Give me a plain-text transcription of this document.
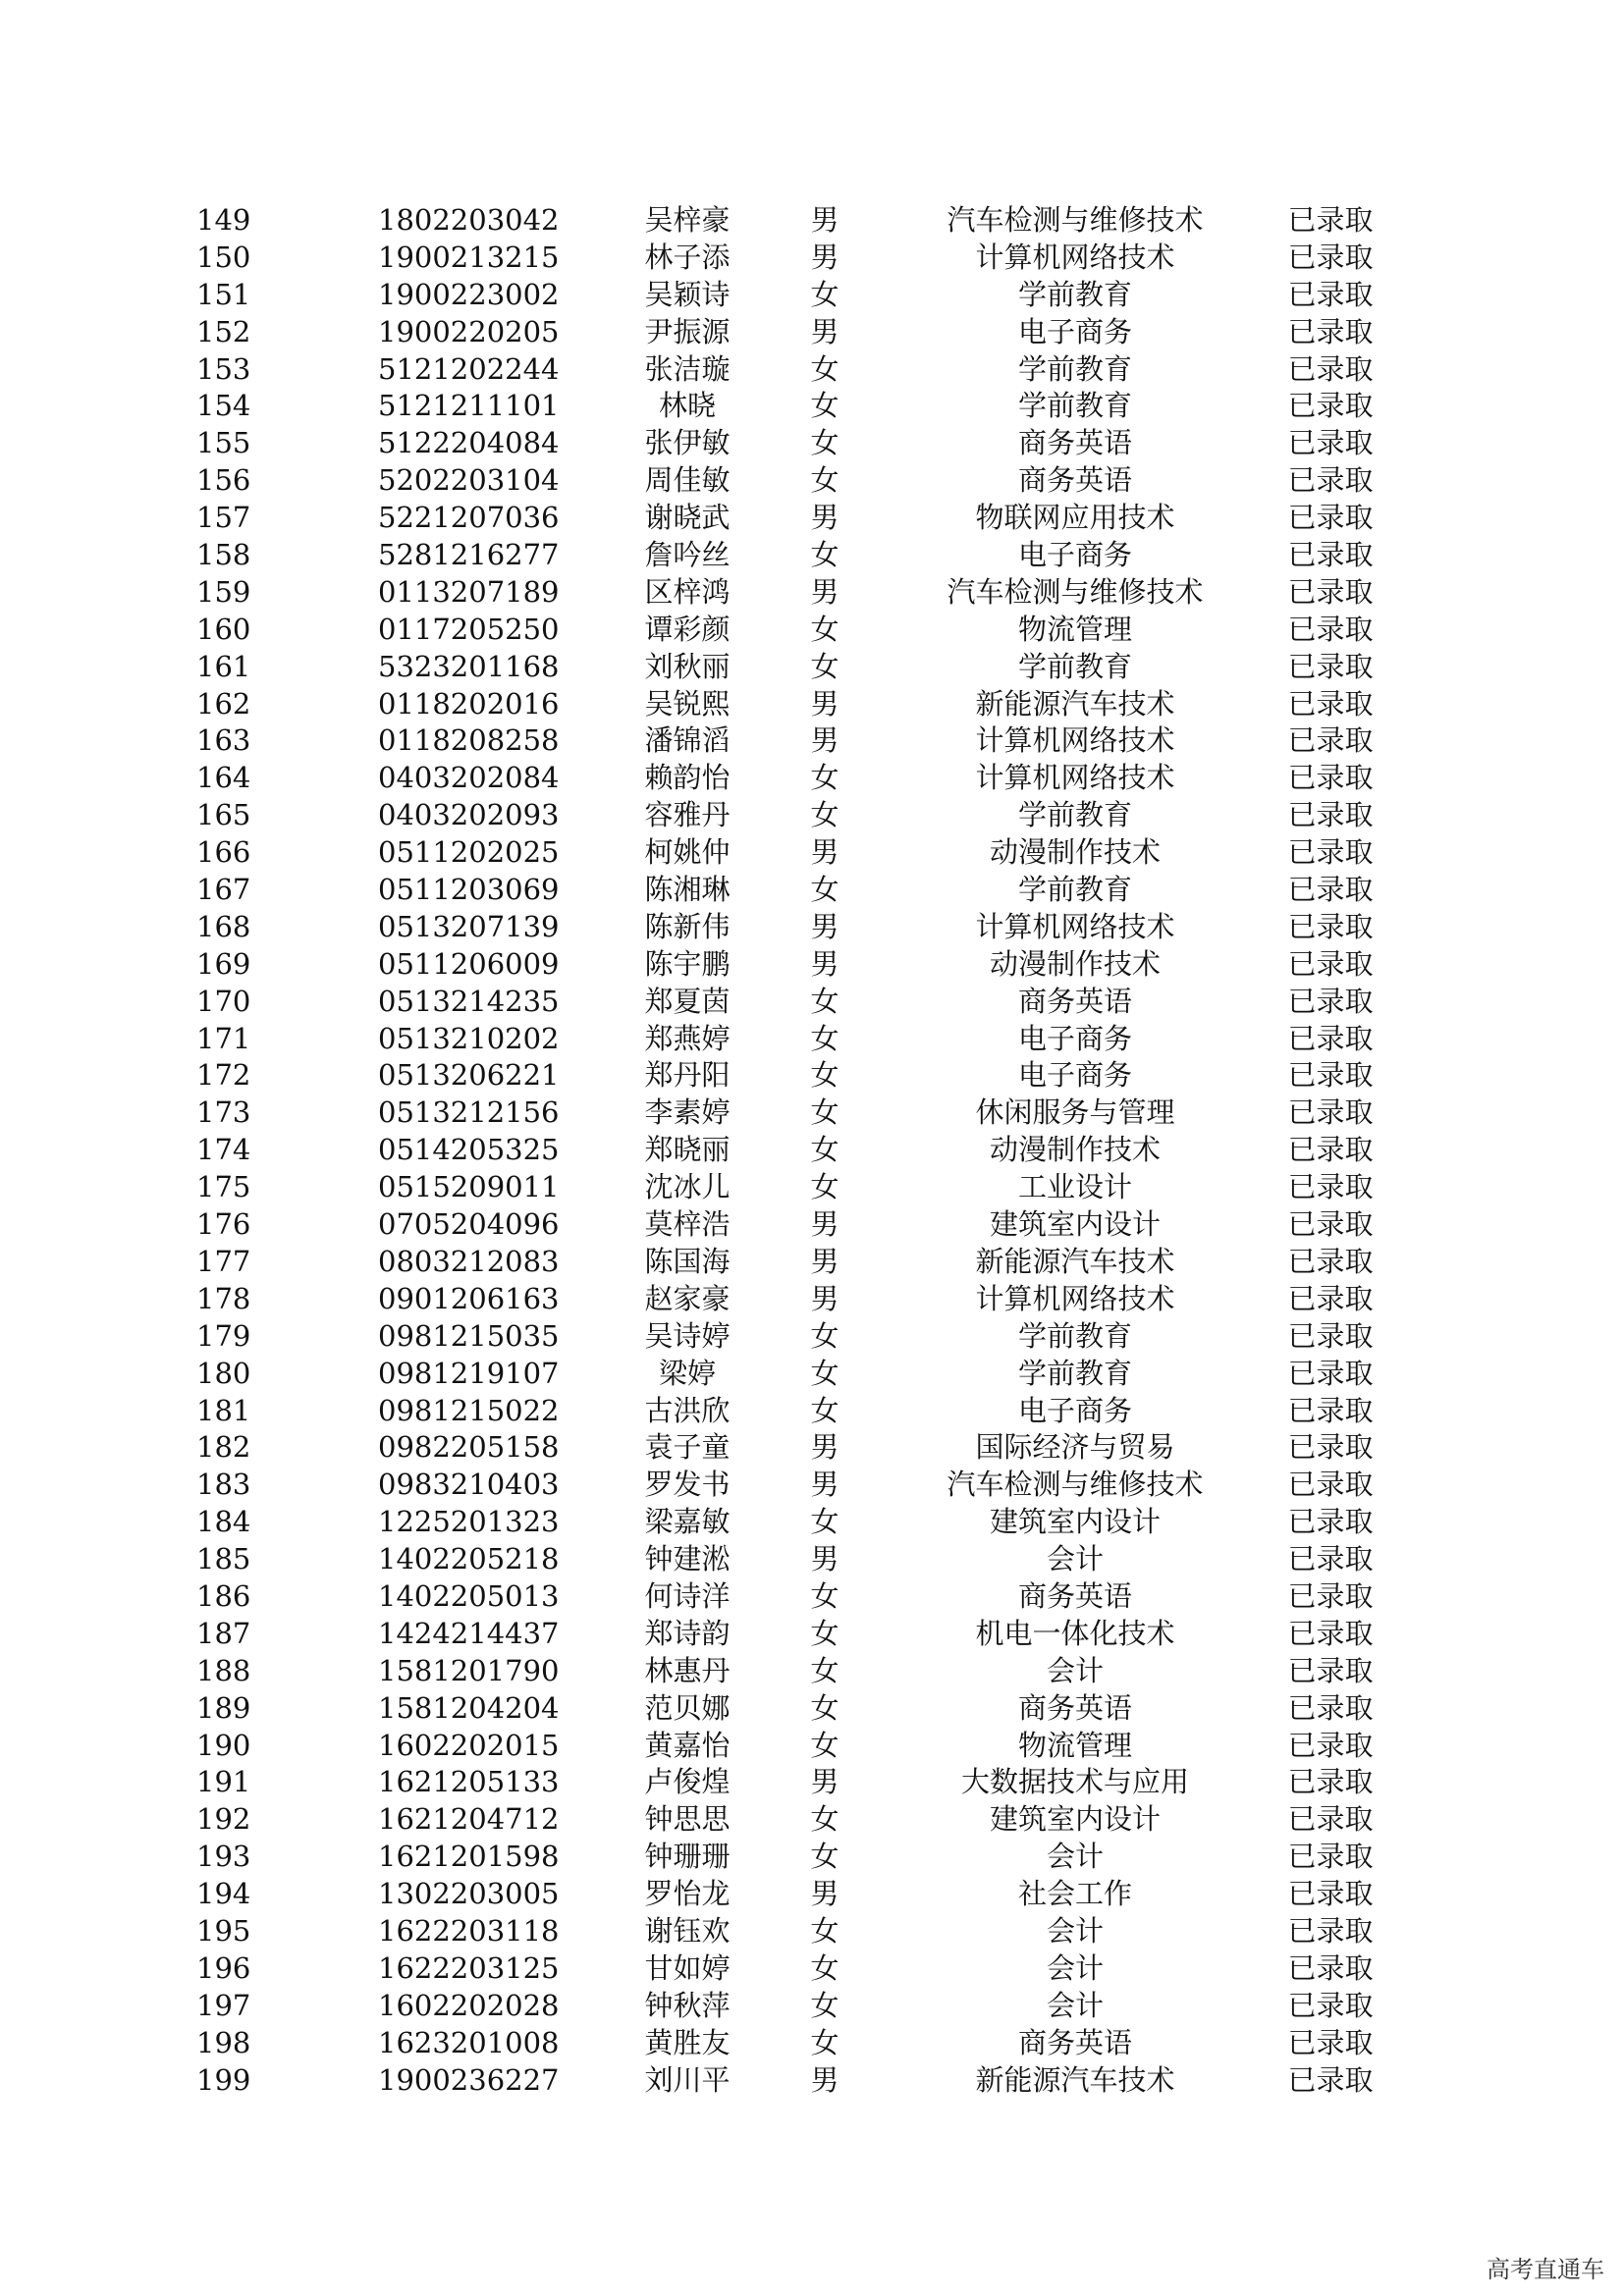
149	1802203042	吴梓豪	男	汽车检测与维修技术	已录取
150	1900213215	林子添	男	计算机网络技术	已录取
151	1900223002	吴颖诗	女	学前教育	已录取
152	1900220205	尹振源	男	电子商务	已录取
153	5121202244	张洁璇	女	学前教育	已录取
154	5121211101	林晓	女	学前教育	已录取
155	5122204084	张伊敏	女	商务英语	已录取
156	5202203104	周佳敏	女	商务英语	已录取
157	5221207036	谢晓武	男	物联网应用技术	已录取
158	5281216277	詹吟丝	女	电子商务	已录取
159	0113207189	区梓鸿	男	汽车检测与维修技术	已录取
160	0117205250	谭彩颜	女	物流管理	已录取
161	5323201168	刘秋丽	女	学前教育	已录取
162	0118202016	吴锐熙	男	新能源汽车技术	已录取
163	0118208258	潘锦滔	男	计算机网络技术	已录取
164	0403202084	赖韵怡	女	计算机网络技术	已录取
165	0403202093	容雅丹	女	学前教育	已录取
166	0511202025	柯姚仲	男	动漫制作技术	已录取
167	0511203069	陈湘琳	女	学前教育	已录取
168	0513207139	陈新伟	男	计算机网络技术	已录取
169	0511206009	陈宇鹏	男	动漫制作技术	已录取
170	0513214235	郑夏茵	女	商务英语	已录取
171	0513210202	郑燕婷	女	电子商务	已录取
172	0513206221	郑丹阳	女	电子商务	已录取
173	0513212156	李素婷	女	休闲服务与管理	已录取
174	0514205325	郑晓丽	女	动漫制作技术	已录取
175	0515209011	沈冰儿	女	工业设计	已录取
176	0705204096	莫梓浩	男	建筑室内设计	已录取
177	0803212083	陈国海	男	新能源汽车技术	已录取
178	0901206163	赵家豪	男	计算机网络技术	已录取
179	0981215035	吴诗婷	女	学前教育	已录取
180	0981219107	梁婷	女	学前教育	已录取
181	0981215022	古洪欣	女	电子商务	已录取
182	0982205158	袁子童	男	国际经济与贸易	已录取
183	0983210403	罗发书	男	汽车检测与维修技术	已录取
184	1225201323	梁嘉敏	女	建筑室内设计	已录取
185	1402205218	钟建淞	男	会计	已录取
186	1402205013	何诗洋	女	商务英语	已录取
187	1424214437	郑诗韵	女	机电一体化技术	已录取
188	1581201790	林惠丹	女	会计	已录取
189	1581204204	范贝娜	女	商务英语	已录取
190	1602202015	黄嘉怡	女	物流管理	已录取
191	1621205133	卢俊煌	男	大数据技术与应用	已录取
192	1621204712	钟思思	女	建筑室内设计	已录取
193	1621201598	钟珊珊	女	会计	已录取
194	1302203005	罗怡龙	男	社会工作	已录取
195	1622203118	谢钰欢	女	会计	已录取
196	1622203125	甘如婷	女	会计	已录取
197	1602202028	钟秋萍	女	会计	已录取
198	1623201008	黄胜友	女	商务英语	已录取
199	1900236227	刘川平	男	新能源汽车技术	已录取
高考直通车
